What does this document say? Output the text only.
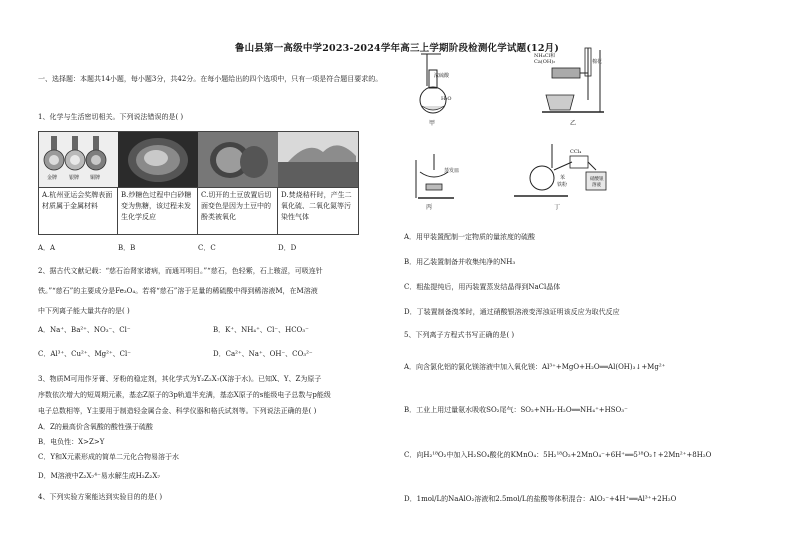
鲁山县第一高级中学2023-2024学年高三上学期阶段检测化学试题(12月)
一、选择题：本题共14小题，每小题3分，共42分。在每小题给出的四个选项中，只有一项是符合题目要求的。
1、化学与生活密切相关。下列说法错误的是( )
金牌 银牌 铜牌
A.杭州亚运会奖牌表面材质属于金属材料
B.炒糖色过程中白砂糖变为焦糖，该过程未发生化学反应
C.切开的土豆放置后切面变色是因为土豆中的酚类被氧化
D.焚烧秸秆时，产生二氧化硫、二氧化氮等污染性气体
A．A	B．B	C．C	D．D
2、据古代文献记载：“慈石治肾家诸病，而通耳明目。”“慈石，色轻紫，石上皲涩，可吸连针
铁。”“慈石”的主要成分是Fe₃O₄。若将“慈石”溶于足量的稀硫酸中得到稀溶液M，在M溶液
中下列离子能大量共存的是( )
A．Na⁺、Ba²⁺、NO₃⁻、Cl⁻	B．K⁺、NH₄⁺、Cl⁻、HCO₃⁻
C．Al³⁺、Cu²⁺、Mg²⁺、Cl⁻	D．Ca²⁺、Na⁺、OH⁻、CO₃²⁻
3、物质M可用作牙膏、牙粉的稳定剂，其化学式为Y₂Z₂X₇(X溶于水)。已知X、Y、Z为原子
序数依次增大的短周期元素，基态Z原子的3p轨道半充满，基态X原子的s能级电子总数与p能级
电子总数相等，Y主要用于制造轻金属合金、科学仪器和格氏试剂等。下列说法正确的是( )
A．Z的最高价含氧酸的酸性强于硫酸
B．电负性：X>Z>Y
C．Y和X元素形成的简单二元化合物易溶于水
D．M溶液中Z₂X₇⁴⁻易水解生成H₂Z₂X₇
4、下列实验方案能达到实验目的的是( )
浓硫酸
H₂O
甲
NH₄Cl和
Ca(OH)₂	棉花
乙
蒸发皿
丙
CCl₄
苯
铁粉
硝酸银
溶液
丁
A．用甲装置配制一定物质的量浓度的硫酸
B．用乙装置制备并收集纯净的NH₃
C．粗盐提纯后，用丙装置蒸发结晶得到NaCl晶体
D．丁装置制备溴苯时，通过硝酸银溶液变浑浊证明该反应为取代反应
5、下列离子方程式书写正确的是( )
A．向含氯化铝的氯化镁溶液中加入氧化镁：Al³⁺+MgO+H₂O══Al(OH)₃↓+Mg²⁺
B．工业上用过量氨水吸收SO₂尾气：SO₂+NH₃·H₂O══NH₄⁺+HSO₃⁻
C．向H₂¹⁸O₂中加入H₂SO₄酸化的KMnO₄：5H₂¹⁸O₂+2MnO₄⁻+6H⁺══5¹⁸O₂↑+2Mn²⁺+8H₂O
D．1mol/L的NaAlO₂溶液和2.5mol/L的盐酸等体积混合：AlO₂⁻+4H⁺══Al³⁺+2H₂O
